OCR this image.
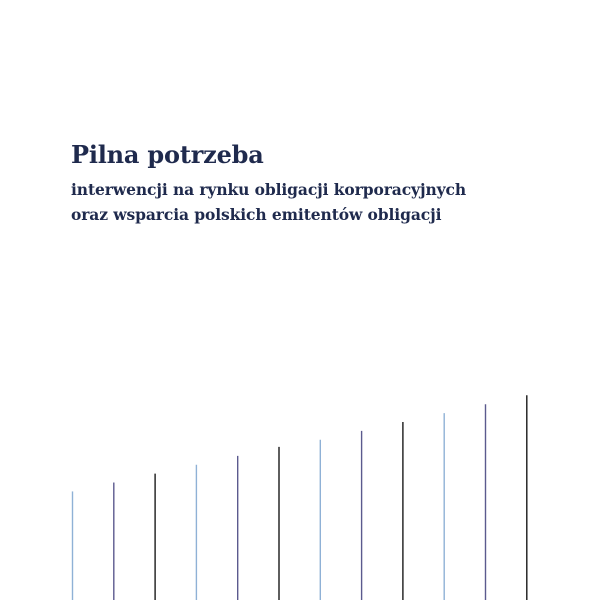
Pilna potrzeba
interwencji na rynku obligacji korporacyjnych
oraz wsparcia polskich emitentów obligacji
